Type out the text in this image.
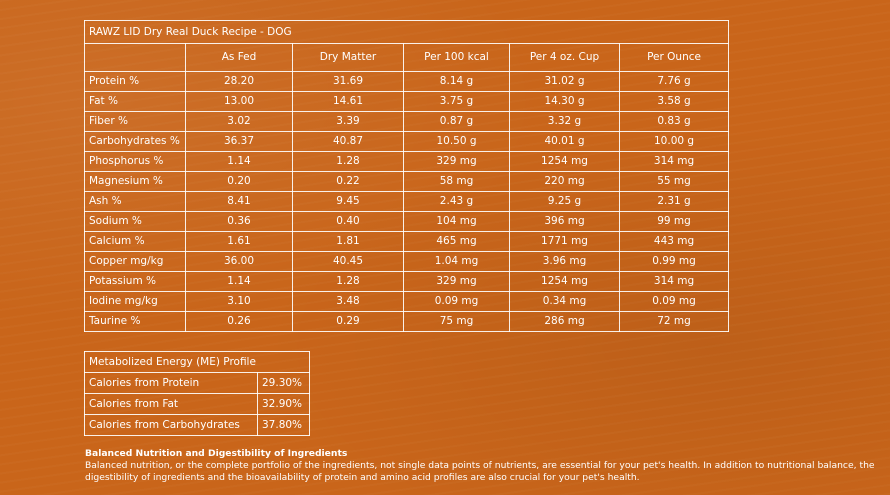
RAWZ LID Dry Real Duck Recipe - DOG					
	As Fed	Dry Matter	Per 100 kcal	Per 4 oz. Cup	Per Ounce
Protein %	28.20	31.69	8.14 g	31.02 g	7.76 g
Fat %	13.00	14.61	3.75 g	14.30 g	3.58 g
Fiber %	3.02	3.39	0.87 g	3.32 g	0.83 g
Carbohydrates %	36.37	40.87	10.50 g	40.01 g	10.00 g
Phosphorus %	1.14	1.28	329 mg	1254 mg	314 mg
Magnesium %	0.20	0.22	58 mg	220 mg	55 mg
Ash %	8.41	9.45	2.43 g	9.25 g	2.31 g
Sodium %	0.36	0.40	104 mg	396 mg	99 mg
Calcium %	1.61	1.81	465 mg	1771 mg	443 mg
Copper mg/kg	36.00	40.45	1.04 mg	3.96 mg	0.99 mg
Potassium %	1.14	1.28	329 mg	1254 mg	314 mg
Iodine mg/kg	3.10	3.48	0.09 mg	0.34 mg	0.09 mg
Taurine %	0.26	0.29	75 mg	286 mg	72 mg
Metabolized Energy (ME) Profile	
Calories from Protein	29.30%
Calories from Fat	32.90%
Calories from Carbohydrates	37.80%
Balanced Nutrition and Digestibility of Ingredients
Balanced nutrition, or the complete portfolio of the ingredients, not single data points of nutrients, are essential for your pet's health. In addition to nutritional balance, the digestibility of ingredients and the bioavailability of protein and amino acid profiles are also crucial for your pet's health.
